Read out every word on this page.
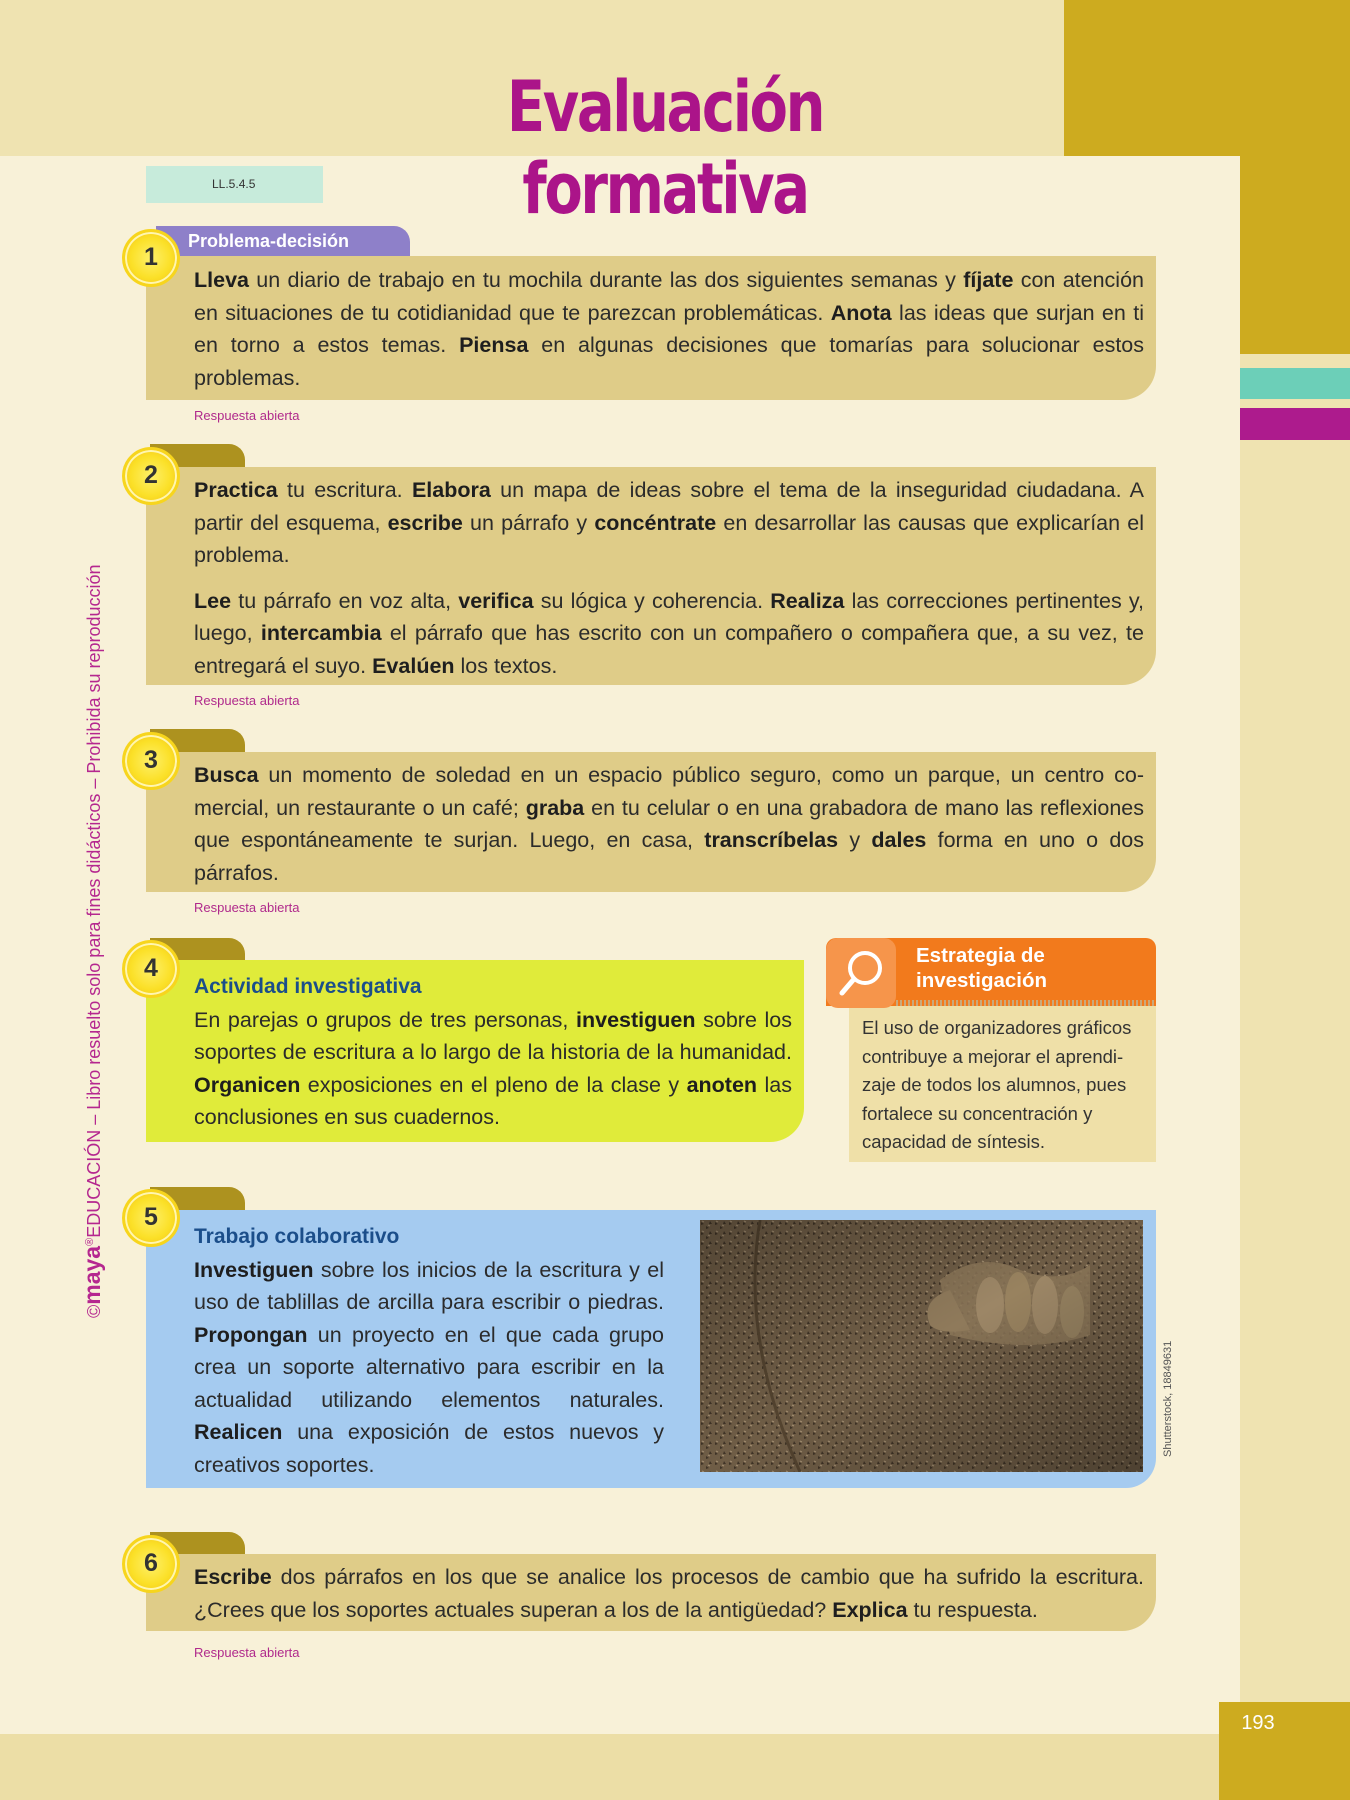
193
Evaluación formativa
LL.5.4.5
©maya®EDUCACIÓN – Libro resuelto solo para fines didácticos – Prohibida su reproducción
Problema-decisión
1

Lleva un diario de trabajo en tu mochila durante las dos siguientes semanas y fíjate con atención en situaciones de tu cotidianidad que te parezcan problemáticas. Anota las ideas que surjan en ti en torno a estos temas. Piensa en algunas decisiones que tomarías para solucionar estos problemas.

Respuesta abierta
2

Practica tu escritura. Elabora un mapa de ideas sobre el tema de la inseguridad ciudadana. A partir del esquema, escribe un párrafo y concéntrate en desarrollar las causas que explicarían el problema.

Lee tu párrafo en voz alta, verifica su lógica y coherencia. Realiza las correcciones pertinentes y, luego, intercambia el párrafo que has escrito con un compañero o compañera que, a su vez, te entregará el suyo. Evalúen los textos.

Respuesta abierta
3

Busca un momento de soledad en un espacio público seguro, como un parque, un centro comercial, un restaurante o un café; graba en tu celular o en una grabadora de mano las reflexiones que espontáneamente te surjan. Luego, en casa, transcríbelas y dales forma en uno o dos párrafos.

Respuesta abierta
4
Actividad investigativa

En parejas o grupos de tres personas, investiguen sobre los soportes de escritura a lo largo de la historia de la humanidad. Organicen exposiciones en el pleno de la clase y anoten las conclusiones en sus cuadernos.

Estrategia de
investigación
El uso de organizadores gráficos contribuye a mejorar el aprendizaje de todos los alumnos, pues fortalece su concentración y capacidad de síntesis.
5
Trabajo colaborativo

Investiguen sobre los inicios de la escritura y el uso de tablillas de arcilla para escribir o piedras. Propongan un proyecto en el que cada grupo crea un soporte alternativo para escribir en la actualidad utilizando elementos naturales. Realicen una exposición de estos nuevos y creativos soportes.

Shutterstock, 18849631
6	Escribe dos párrafos en los que se analice los procesos de cambio que ha sufrido la escritura. ¿Crees que los soportes actuales superan a los de la antigüedad? Explica tu respuesta.

Respuesta abierta
